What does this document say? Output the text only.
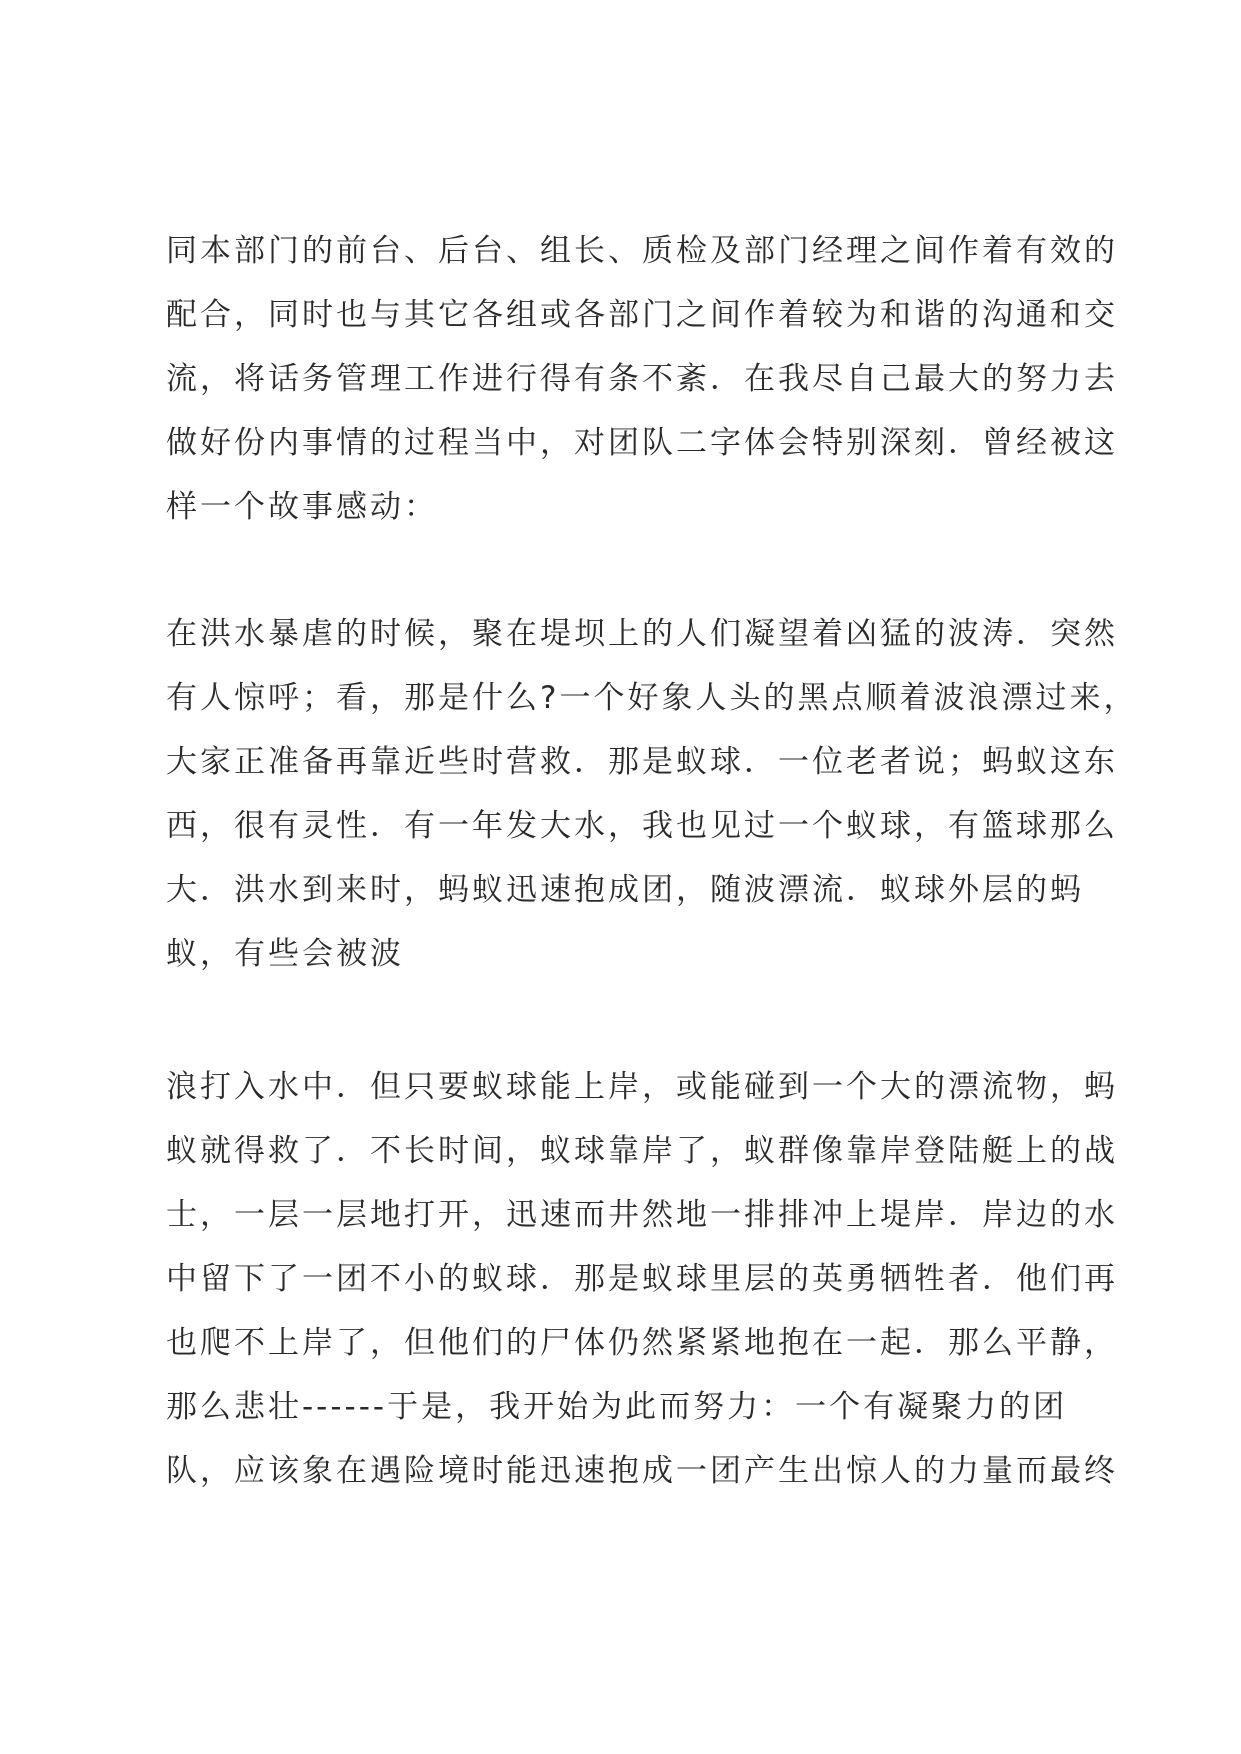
同本部门的前台、后台、组长、质检及部门经理之间作着有效的
配合，同时也与其它各组或各部门之间作着较为和谐的沟通和交
流，将话务管理工作进行得有条不紊．在我尽自己最大的努力去
做好份内事情的过程当中，对团队二字体会特别深刻．曾经被这
样一个故事感动：
在洪水暴虐的时候，聚在堤坝上的人们凝望着凶猛的波涛．突然
有人惊呼；看，那是什么?一个好象人头的黑点顺着波浪漂过来，
大家正准备再靠近些时营救．那是蚁球．一位老者说；蚂蚁这东
西，很有灵性．有一年发大水，我也见过一个蚁球，有篮球那么
大．洪水到来时，蚂蚁迅速抱成团，随波漂流．蚁球外层的蚂
蚁，有些会被波
浪打入水中．但只要蚁球能上岸，或能碰到一个大的漂流物，蚂
蚁就得救了．不长时间，蚁球靠岸了，蚁群像靠岸登陆艇上的战
士，一层一层地打开，迅速而井然地一排排冲上堤岸．岸边的水
中留下了一团不小的蚁球．那是蚁球里层的英勇牺牲者．他们再
也爬不上岸了，但他们的尸体仍然紧紧地抱在一起．那么平静，
那么悲壮------于是，我开始为此而努力：一个有凝聚力的团
队，应该象在遇险境时能迅速抱成一团产生出惊人的力量而最终
